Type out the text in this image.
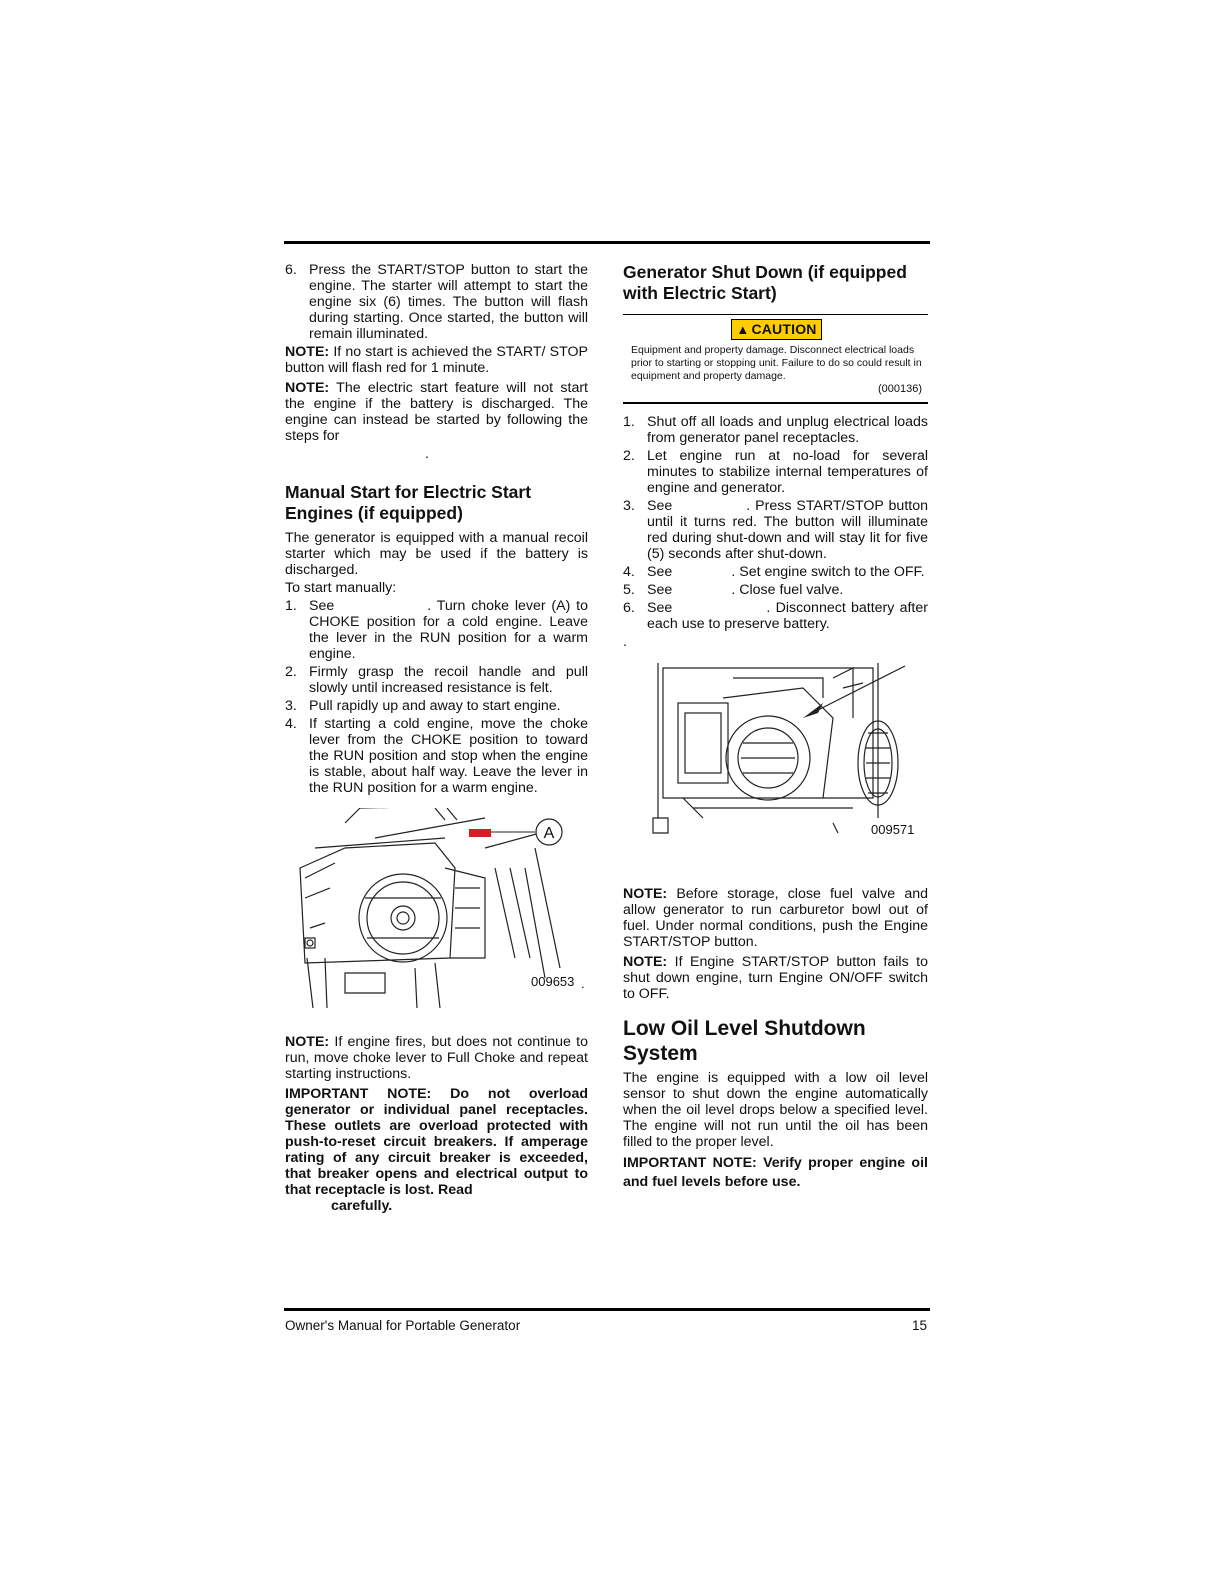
6. Press the START/STOP button to start the engine. The starter will attempt to start the engine six (6) times. The button will flash during starting. Once started, the button will remain illuminated.

NOTE: If no start is achieved the START/ STOP button will flash red for 1 minute.

NOTE: The electric start feature will not start the engine if the battery is discharged. The engine can instead be started by following the steps for

.

Manual Start for Electric Start Engines (if equipped)

The generator is equipped with a manual recoil starter which may be used if the battery is discharged.

To start manually:

1. See                . Turn choke lever (A) to CHOKE position for a cold engine. Leave the lever in the RUN position for a warm engine.
2. Firmly grasp the recoil handle and pull slowly until increased resistance is felt.
3. Pull rapidly up and away to start engine.
4. If starting a cold engine, move the choke lever from the CHOKE position to toward the RUN position and stop when the engine is stable, about half way. Leave the lever in the RUN position for a warm engine.
A
009653 .

NOTE: If engine fires, but does not continue to run, move choke lever to Full Choke and repeat starting instructions.

IMPORTANT NOTE: Do not overload generator or individual panel receptacles. These outlets are overload protected with push-to-reset circuit breakers. If amperage rating of any circuit breaker is exceeded, that breaker opens and electrical output to that receptacle is lost. Read

carefully.

Generator Shut Down (if equipped with Electric Start)
▲ CAUTION
Equipment and property damage. Disconnect electrical loads prior to starting or stopping unit. Failure to do so could result in equipment and property damage.
(000136)
1. Shut off all loads and unplug electrical loads from generator panel receptacles.
2. Let engine run at no-load for several minutes to stabilize internal temperatures of engine and generator.
3. See               . Press START/STOP button until it turns red. The button will illuminate red during shut-down and will stay lit for five (5) seconds after shut-down.
4. See               . Set engine switch to the OFF.
5. See               . Close fuel valve.
6. See                  . Disconnect battery after each use to preserve battery.

.

009571

NOTE: Before storage, close fuel valve and allow generator to run carburetor bowl out of fuel. Under normal conditions, push the Engine START/STOP button.

NOTE: If Engine START/STOP button fails to shut down engine, turn Engine ON/OFF switch to OFF.

Low Oil Level Shutdown System

The engine is equipped with a low oil level sensor to shut down the engine automatically when the oil level drops below a specified level. The engine will not run until the oil has been filled to the proper level.

IMPORTANT NOTE: Verify proper engine oil and fuel levels before use.

Owner's Manual for Portable Generator	15
